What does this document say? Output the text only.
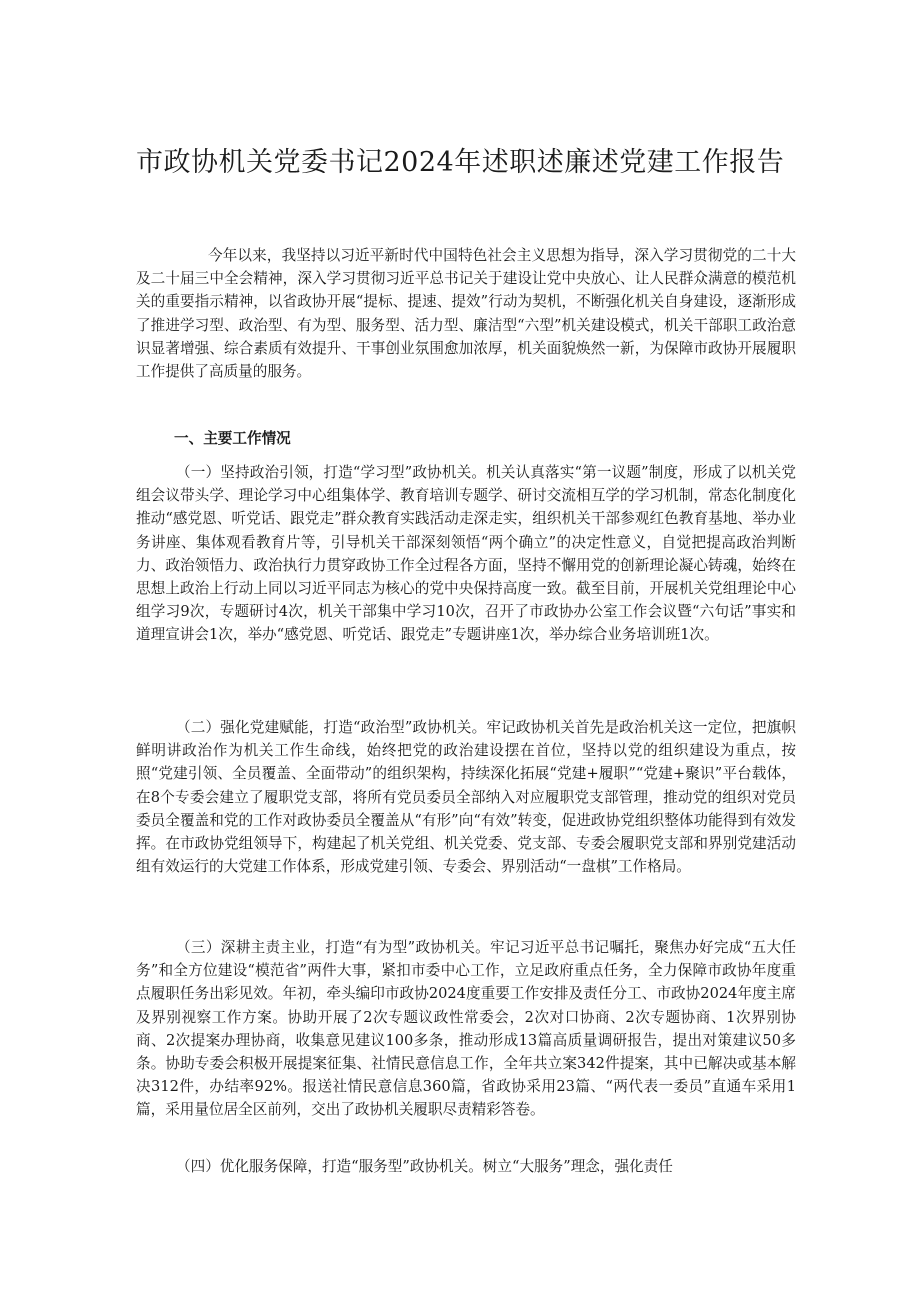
市政协机关党委书记2024年述职述廉述党建工作报告

今年以来，我坚持以习近平新时代中国特色社会主义思想为指导，深入学习贯彻党的二十大及二十届三中全会精神，深入学习贯彻习近平总书记关于建设让党中央放心、让人民群众满意的模范机关的重要指示精神，以省政协开展“提标、提速、提效”行动为契机，不断强化机关自身建设，逐渐形成了推进学习型、政治型、有为型、服务型、活力型、廉洁型“六型”机关建设模式，机关干部职工政治意识显著增强、综合素质有效提升、干事创业氛围愈加浓厚，机关面貌焕然一新，为保障市政协开展履职工作提供了高质量的服务。

一、主要工作情况

（一）坚持政治引领，打造“学习型”政协机关。机关认真落实“第一议题”制度，形成了以机关党组会议带头学、理论学习中心组集体学、教育培训专题学、研讨交流相互学的学习机制，常态化制度化推动“感党恩、听党话、跟党走”群众教育实践活动走深走实，组织机关干部参观红色教育基地、举办业务讲座、集体观看教育片等，引导机关干部深刻领悟“两个确立”的决定性意义，自觉把提高政治判断力、政治领悟力、政治执行力贯穿政协工作全过程各方面，坚持不懈用党的创新理论凝心铸魂，始终在思想上政治上行动上同以习近平同志为核心的党中央保持高度一致。截至目前，开展机关党组理论中心组学习9次，专题研讨4次，机关干部集中学习10次，召开了市政协办公室工作会议暨“六句话”事实和道理宣讲会1次，举办“感党恩、听党话、跟党走”专题讲座1次，举办综合业务培训班1次。

（二）强化党建赋能，打造“政治型”政协机关。牢记政协机关首先是政治机关这一定位，把旗帜鲜明讲政治作为机关工作生命线，始终把党的政治建设摆在首位，坚持以党的组织建设为重点，按照“党建引领、全员覆盖、全面带动”的组织架构，持续深化拓展“党建+履职”“党建+聚识”平台载体，在8个专委会建立了履职党支部，将所有党员委员全部纳入对应履职党支部管理，推动党的组织对党员委员全覆盖和党的工作对政协委员全覆盖从“有形”向“有效”转变，促进政协党组织整体功能得到有效发挥。在市政协党组领导下，构建起了机关党组、机关党委、党支部、专委会履职党支部和界别党建活动组有效运行的大党建工作体系，形成党建引领、专委会、界别活动“一盘棋”工作格局。

（三）深耕主责主业，打造“有为型”政协机关。牢记习近平总书记嘱托，聚焦办好完成“五大任务”和全方位建设“模范省”两件大事，紧扣市委中心工作，立足政府重点任务，全力保障市政协年度重点履职任务出彩见效。年初，牵头编印市政协2024度重要工作安排及责任分工、市政协2024年度主席及界别视察工作方案。协助开展了2次专题议政性常委会，2次对口协商、2次专题协商、1次界别协商、2次提案办理协商，收集意见建议100多条，推动形成13篇高质量调研报告，提出对策建议50多条。协助专委会积极开展提案征集、社情民意信息工作，全年共立案342件提案，其中已解决或基本解决312件，办结率92%。报送社情民意信息360篇，省政协采用23篇、“两代表一委员”直通车采用1篇，采用量位居全区前列，交出了政协机关履职尽责精彩答卷。

（四）优化服务保障，打造“服务型”政协机关。树立“大服务”理念，强化责任
